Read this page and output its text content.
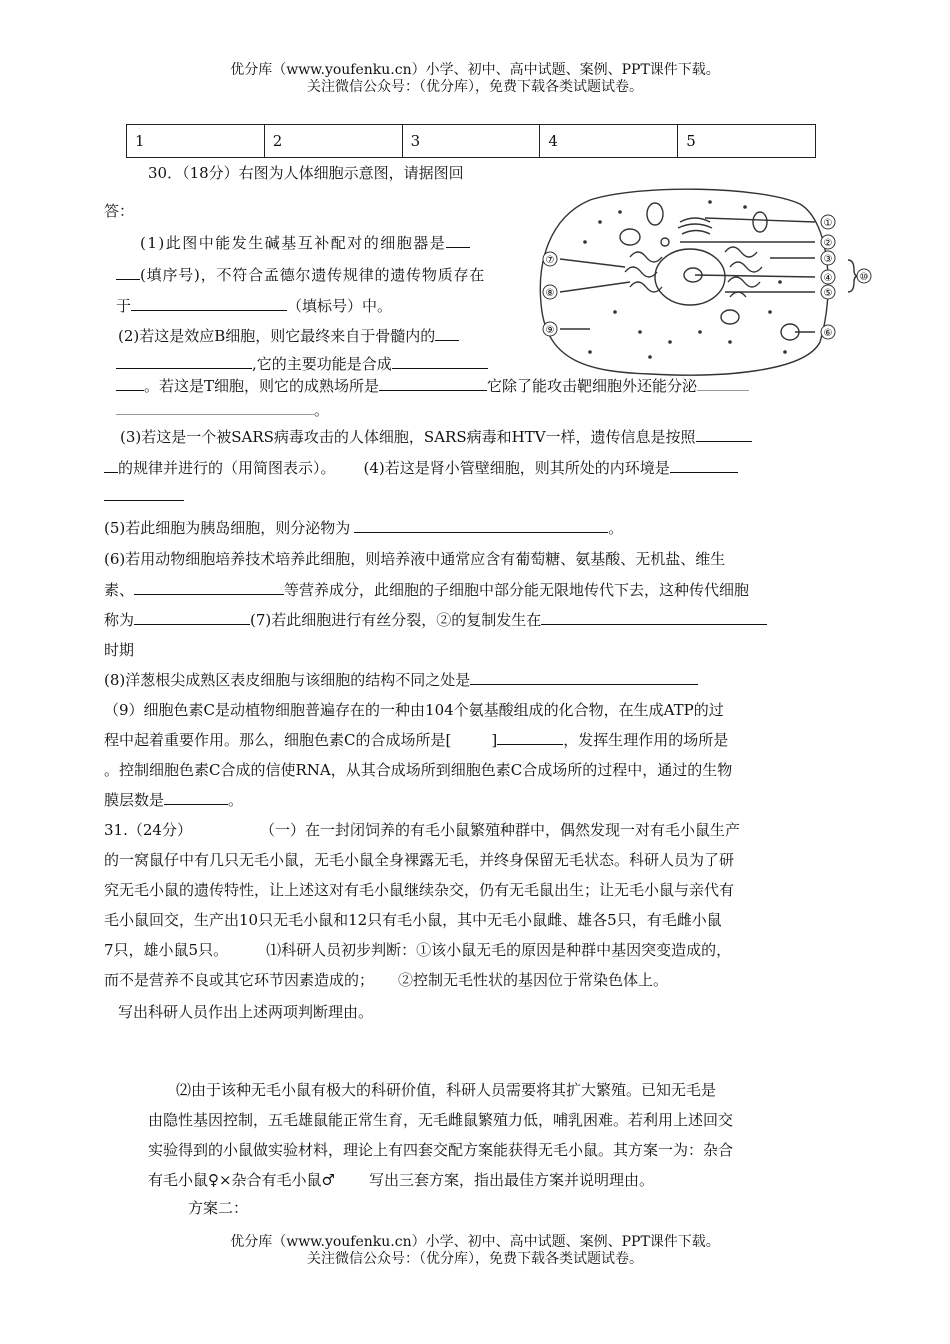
优分库（www.youfenku.cn）小学、初中、高中试题、案例、PPT课件下载。
关注微信公众号：（优分库），免费下载各类试题试卷。
1	2	3	4	5
①
②
③
④
⑤
⑥
⑦
⑧
⑨
⑩
30．（18分）右图为人体细胞示意图，请据图回
答：
(1)此图中能发生碱基互补配对的细胞器是
(填序号)，不符合孟德尔遗传规律的遗传物质存在
于	（填标号）中。
(2)若这是效应B细胞，则它最终来自于骨髓内的
,它的主要功能是合成
。若这是T细胞，则它的成熟场所是	它除了能攻击靶细胞外还能分泌
。
(3)若这是一个被SARS病毒攻击的人体细胞，SARS病毒和HTV一样，遗传信息是按照
的规律并进行的（用简图表示）。 (4)若这是肾小管壁细胞，则其所处的内环境是
(5)若此细胞为胰岛细胞，则分泌物为	。
(6)若用动物细胞培养技术培养此细胞，则培养液中通常应含有葡萄糖、氨基酸、无机盐、维生
素、	等营养成分，此细胞的子细胞中部分能无限地传代下去，这种传代细胞
称为	(7)若此细胞进行有丝分裂，②的复制发生在
时期
(8)洋葱根尖成熟区表皮细胞与该细胞的结构不同之处是
（9）细胞色素C是动植物细胞普遍存在的一种由104个氨基酸组成的化合物，在生成ATP的过
程中起着重要作用。那么，细胞色素C的合成场所是[	]	，发挥生理作用的场所是
。控制细胞色素C合成的信使RNA，从其合成场所到细胞色素C合成场所的过程中，通过的生物
膜层数是	。
31.（24分）	（一）在一封闭饲养的有毛小鼠繁殖种群中，偶然发现一对有毛小鼠生产
的一窝鼠仔中有几只无毛小鼠，无毛小鼠全身裸露无毛，并终身保留无毛状态。科研人员为了研
究无毛小鼠的遗传特性，让上述这对有毛小鼠继续杂交，仍有无毛鼠出生；让无毛小鼠与亲代有
毛小鼠回交，生产出10只无毛小鼠和12只有毛小鼠，其中无毛小鼠雌、雄各5只，有毛雌小鼠
7只，雄小鼠5只。	⑴科研人员初步判断：①该小鼠无毛的原因是种群中基因突变造成的，
而不是营养不良或其它环节因素造成的； ②控制无毛性状的基因位于常染色体上。
写出科研人员作出上述两项判断理由。
⑵由于该种无毛小鼠有极大的科研价值，科研人员需要将其扩大繁殖。已知无毛是
由隐性基因控制，五毛雄鼠能正常生育，无毛雌鼠繁殖力低，哺乳困难。若利用上述回交
实验得到的小鼠做实验材料，理论上有四套交配方案能获得无毛小鼠。其方案一为：杂合
有毛小鼠♀×杂合有毛小鼠♂ 写出三套方案，指出最佳方案并说明理由。
方案二：
优分库（www.youfenku.cn）小学、初中、高中试题、案例、PPT课件下载。
关注微信公众号：（优分库），免费下载各类试题试卷。
